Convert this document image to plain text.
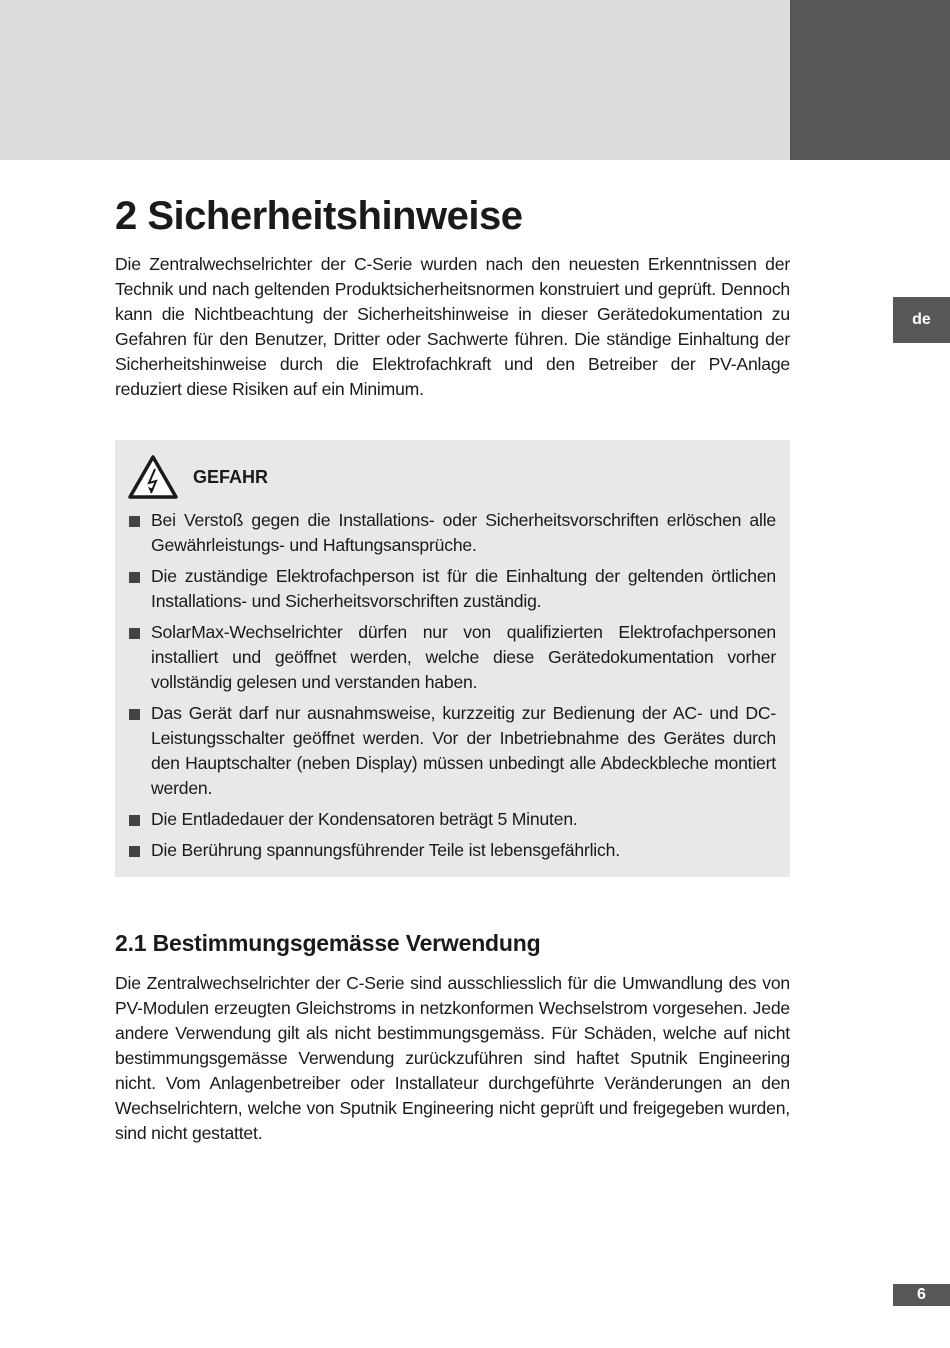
de
2 Sicherheitshinweise

Die Zentralwechselrichter der C-Serie wurden nach den neuesten Erkenntnissen der Technik und nach geltenden Produktsicherheitsnormen konstruiert und geprüft. Dennoch kann die Nichtbeachtung der Sicherheitshinweise in dieser Gerätedokumentation zu Gefahren für den Benutzer, Dritter oder Sachwerte führen. Die ständige Einhaltung der Sicherheitshinweise durch die Elektrofachkraft und den Betreiber der PV-Anlage reduziert diese Risiken auf ein Minimum.

GEFAHR
Bei Verstoß gegen die Installations- oder Sicherheitsvorschriften erlöschen alle Gewährleistungs- und Haftungsansprüche.
Die zuständige Elektrofachperson ist für die Einhaltung der geltenden örtlichen Installations- und Sicherheitsvorschriften zuständig.
SolarMax-Wechselrichter dürfen nur von qualifizierten Elektrofachpersonen installiert und geöffnet werden, welche diese Gerätedokumentation vorher vollständig gelesen und verstanden haben.
Das Gerät darf nur ausnahmsweise, kurzzeitig zur Bedienung der AC- und DC-Leistungsschalter geöffnet werden. Vor der Inbetriebnahme des Gerätes durch den Hauptschalter (neben Display) müssen unbedingt alle Abdeckbleche montiert werden.
Die Entladedauer der Kondensatoren beträgt 5 Minuten.
Die Berührung spannungsführender Teile ist lebensgefährlich.
2.1 Bestimmungsgemässe Verwendung

Die Zentralwechselrichter der C-Serie sind ausschliesslich für die Umwandlung des von PV-Modulen erzeugten Gleichstroms in netzkonformen Wechselstrom vorgesehen. Jede andere Verwendung gilt als nicht bestimmungsgemäss. Für Schäden, welche auf nicht bestimmungsgemässe Verwendung zurückzuführen sind haftet Sputnik Engineering nicht. Vom Anlagenbetreiber oder Installateur durchgeführte Veränderungen an den Wechselrichtern, welche von Sputnik Engineering nicht geprüft und freigegeben wurden, sind nicht gestattet.

6
